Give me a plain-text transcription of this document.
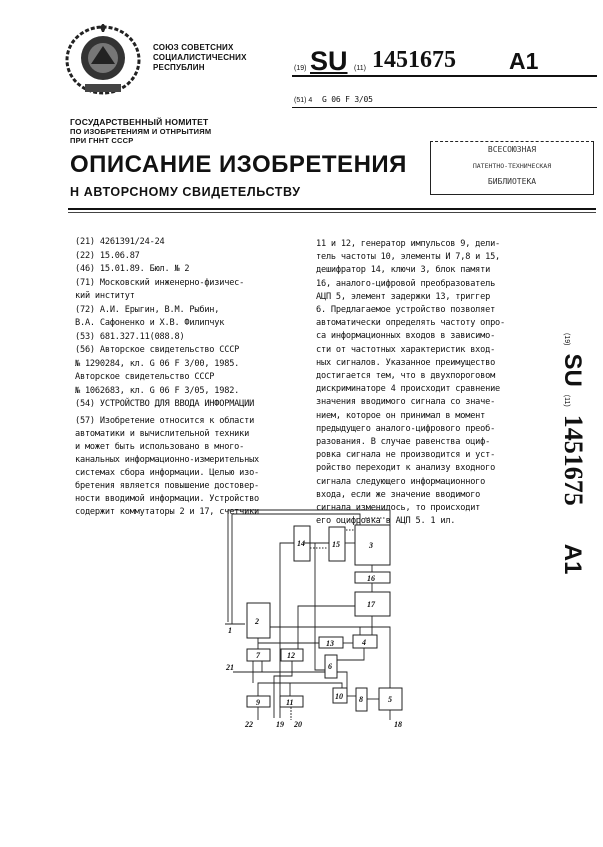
СОЮЗ СОВЕТСНИХ
СОЦИАЛИСТИЧЕСНИХ
РЕСПУБЛИН	(19) SU (11) 1451675 A1
(51) 4 G 06 F 3/05
ГОСУДАРСТВЕННЫЙ НОМИТЕТ
ПО ИЗОБРЕТЕНИЯМ И ОТНРЫТИЯМ
ПРИ ГННТ СССР
ОПИСАНИЕ ИЗОБРЕТЕНИЯ
Н АВТОРСНОМУ СВИДЕТЕЛЬСТВУ
ВСЕСОЮЗНАЯ
ПАТЕНТНО-ТЕХНИЧЕСКАЯ
БИБЛИОТЕКА
(21) 4261391/24-24
(22) 15.06.87
(46) 15.01.89. Бюл. № 2
(71) Московский инженерно-физичес-
кий институт
(72) А.И. Ерыгин, В.М. Рыбин,
В.А. Сафоненко и Х.В. Филипчук
(53) 681.327.11(088.8)
(56) Авторское свидетельство СССР
№ 1290284, кл. G 06 F 3/00, 1985.
Авторское свидетельство СССР
№ 1062683, кл. G 06 F 3/05, 1982.
(54) УСТРОЙСТВО ДЛЯ ВВОДА ИНФОРМАЦИИ
(57) Изобретение относится к области
автоматики и вычислительной техники
и может быть использовано в много-
канальных информационно-измерительных
системах сбора информации. Целью изо-
бретения является повышение достовер-
ности вводимой информации. Устройство
содержит коммутаторы 2 и 17, счетчики
11 и 12, генератор импульсов 9, дели-
тель частоты 10, элементы И 7,8 и 15,
дешифратор 14, ключи 3, блок памяти
16, аналого-цифровой преобразователь
АЦП 5, элемент задержки 13, триггер
6. Предлагаемое устройство позволяет
автоматически определять частоту опро-
са информационных входов в зависимо-
сти от частотных характеристик вход-
ных сигналов. Указанное преимущество
достигается тем, что в двухпороговом
дискриминаторе 4 происходит сравнение
значения вводимого сигнала со значе-
нием, которое он принимал в момент
предыдущего аналого-цифрового преоб-
разования. В случае равенства оциф-
ровка сигнала не производится и уст-
ройство переходит к анализу входного
сигнала следующего информационного
входа, если же значение вводимого
сигнала изменилось, то происходит
его оцифровка в АЦП 5. 1 ил.
(19)
SU
(11)
1451675
A1
14	15	3
16
17
2
13	4
7	12
6
10 8	5
9	11
1
21
22	19 20	18
